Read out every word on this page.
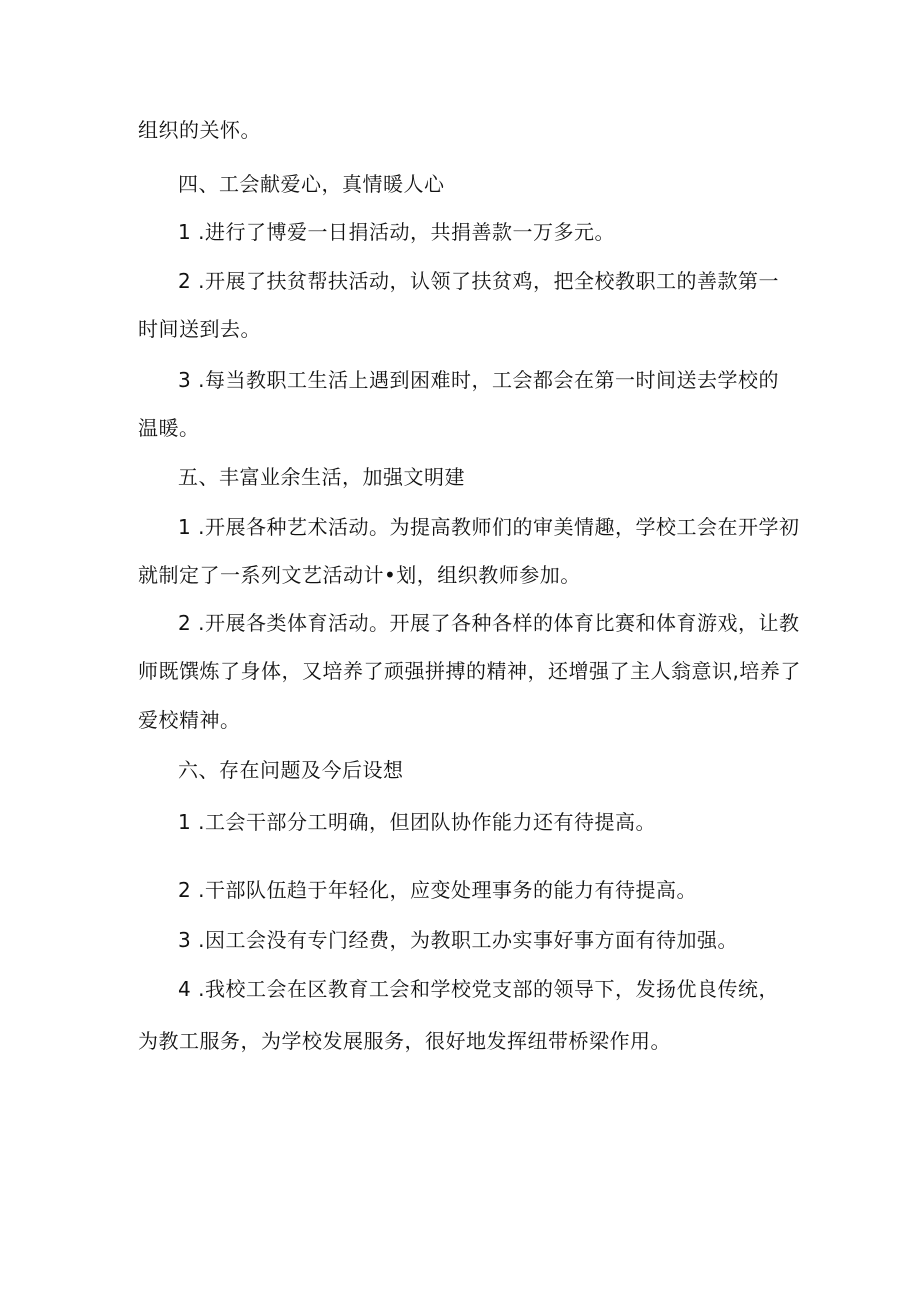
组织的关怀。
四、工会献爱心，真情暖人心
1 .进行了博爱一日捐活动，共捐善款一万多元。
2 .开展了扶贫帮扶活动，认领了扶贫鸡，把全校教职工的善款第一
时间送到去。
3 .每当教职工生活上遇到困难时，工会都会在第一时间送去学校的
温暖。
五、丰富业余生活，加强文明建
1 .开展各种艺术活动。为提高教师们的审美情趣，学校工会在开学初
就制定了一系列文艺活动计•划，组织教师参加。
2 .开展各类体育活动。开展了各种各样的体育比赛和体育游戏，让教
师既馔炼了身体，又培养了顽强拼搏的精神，还增强了主人翁意识,培养了
爱校精神。
六、存在问题及今后设想
1 .工会干部分工明确，但团队协作能力还有待提高。
2 .干部队伍趋于年轻化，应变处理事务的能力有待提高。
3 .因工会没有专门经费，为教职工办实事好事方面有待加强。
4 .我校工会在区教育工会和学校党支部的领导下，发扬优良传统，
为教工服务，为学校发展服务，很好地发挥纽带桥梁作用。
